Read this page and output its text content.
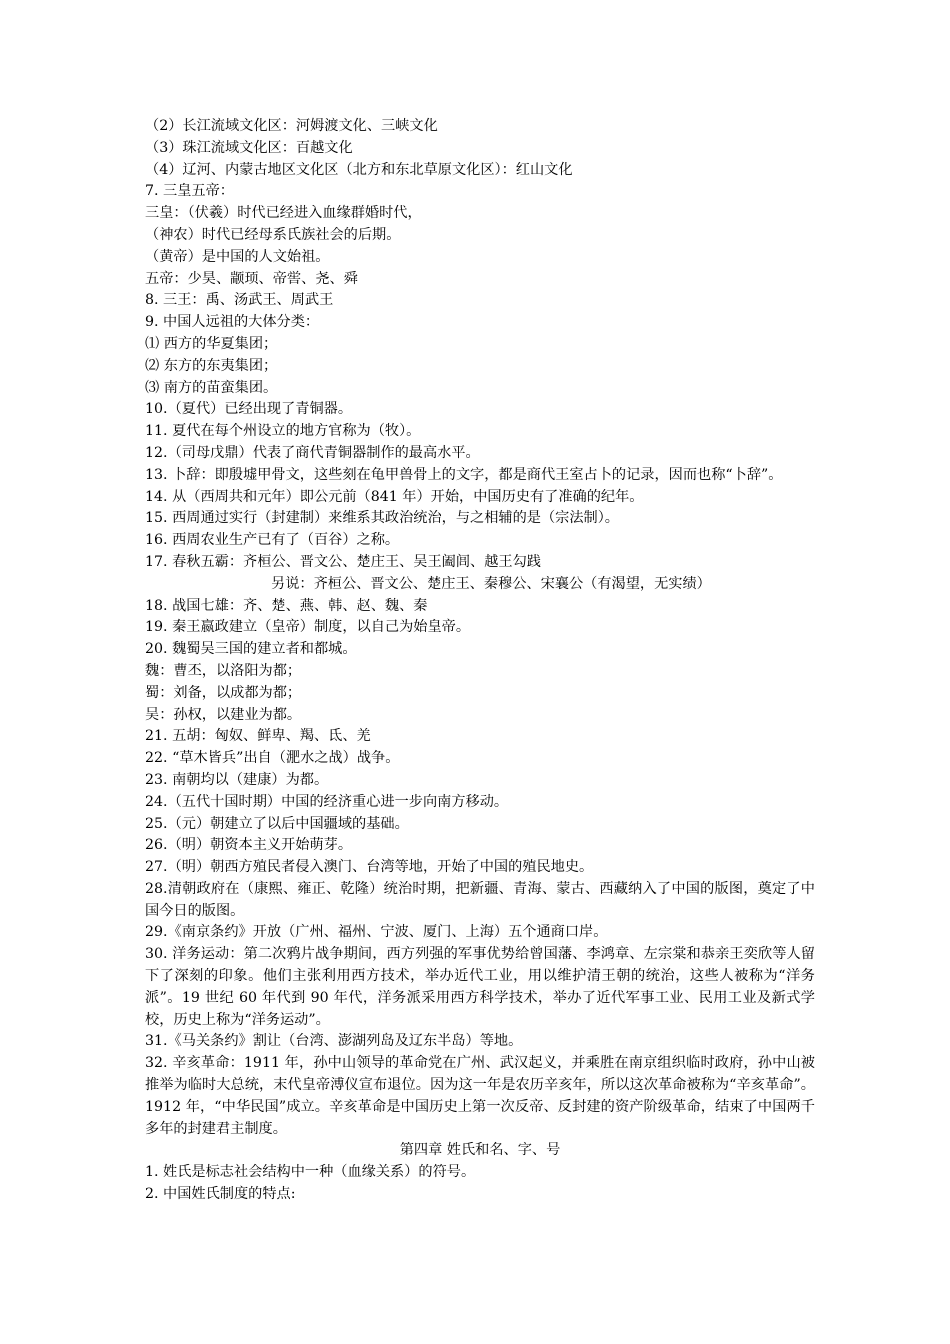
（2）长江流域文化区：河姆渡文化、三峡文化

（3）珠江流域文化区：百越文化

（4）辽河、内蒙古地区文化区（北方和东北草原文化区）：红山文化

7. 三皇五帝：

三皇：（伏羲）时代已经进入血缘群婚时代，

（神农）时代已经母系氏族社会的后期。

（黄帝）是中国的人文始祖。

五帝：少昊、颛顼、帝喾、尧、舜

8. 三王：禹、汤武王、周武王

9. 中国人远祖的大体分类：

⑴ 西方的华夏集团；

⑵ 东方的东夷集团；

⑶ 南方的苗蛮集团。

10.（夏代）已经出现了青铜器。

11. 夏代在每个州设立的地方官称为（牧）。

12.（司母戊鼎）代表了商代青铜器制作的最高水平。

13. 卜辞：即殷墟甲骨文，这些刻在龟甲兽骨上的文字，都是商代王室占卜的记录，因而也称“卜辞”。

14. 从（西周共和元年）即公元前（841 年）开始，中国历史有了准确的纪年。

15. 西周通过实行（封建制）来维系其政治统治，与之相辅的是（宗法制）。

16. 西周农业生产已有了（百谷）之称。

17. 春秋五霸：齐桓公、晋文公、楚庄王、吴王阖闾、越王勾践

另说：齐桓公、晋文公、楚庄王、秦穆公、宋襄公（有渴望，无实绩）

18. 战国七雄：齐、楚、燕、韩、赵、魏、秦

19. 秦王嬴政建立（皇帝）制度，以自己为始皇帝。

20. 魏蜀吴三国的建立者和都城。

魏：曹丕，以洛阳为都；

蜀：刘备，以成都为都；

吴：孙权，以建业为都。

21. 五胡：匈奴、鲜卑、羯、氐、羌

22. “草木皆兵”出自（淝水之战）战争。

23. 南朝均以（建康）为都。

24.（五代十国时期）中国的经济重心进一步向南方移动。

25.（元）朝建立了以后中国疆域的基础。

26.（明）朝资本主义开始萌芽。

27.（明）朝西方殖民者侵入澳门、台湾等地，开始了中国的殖民地史。

28.清朝政府在（康熙、雍正、乾隆）统治时期，把新疆、青海、蒙古、西藏纳入了中国的版图，奠定了中国今日的版图。

29.《南京条约》开放（广州、福州、宁波、厦门、上海）五个通商口岸。

30. 洋务运动：第二次鸦片战争期间，西方列强的军事优势给曾国藩、李鸿章、左宗棠和恭亲王奕欣等人留下了深刻的印象。他们主张利用西方技术，举办近代工业，用以维护清王朝的统治，这些人被称为“洋务派”。19 世纪 60 年代到 90 年代，洋务派采用西方科学技术，举办了近代军事工业、民用工业及新式学校，历史上称为“洋务运动”。

31.《马关条约》割让（台湾、澎湖列岛及辽东半岛）等地。

32. 辛亥革命：1911 年，孙中山领导的革命党在广州、武汉起义，并乘胜在南京组织临时政府，孙中山被推举为临时大总统，末代皇帝溥仪宣布退位。因为这一年是农历辛亥年，所以这次革命被称为“辛亥革命”。1912 年，“中华民国”成立。辛亥革命是中国历史上第一次反帝、反封建的资产阶级革命，结束了中国两千多年的封建君主制度。

第四章 姓氏和名、字、号

1. 姓氏是标志社会结构中一种（血缘关系）的符号。

2. 中国姓氏制度的特点:
